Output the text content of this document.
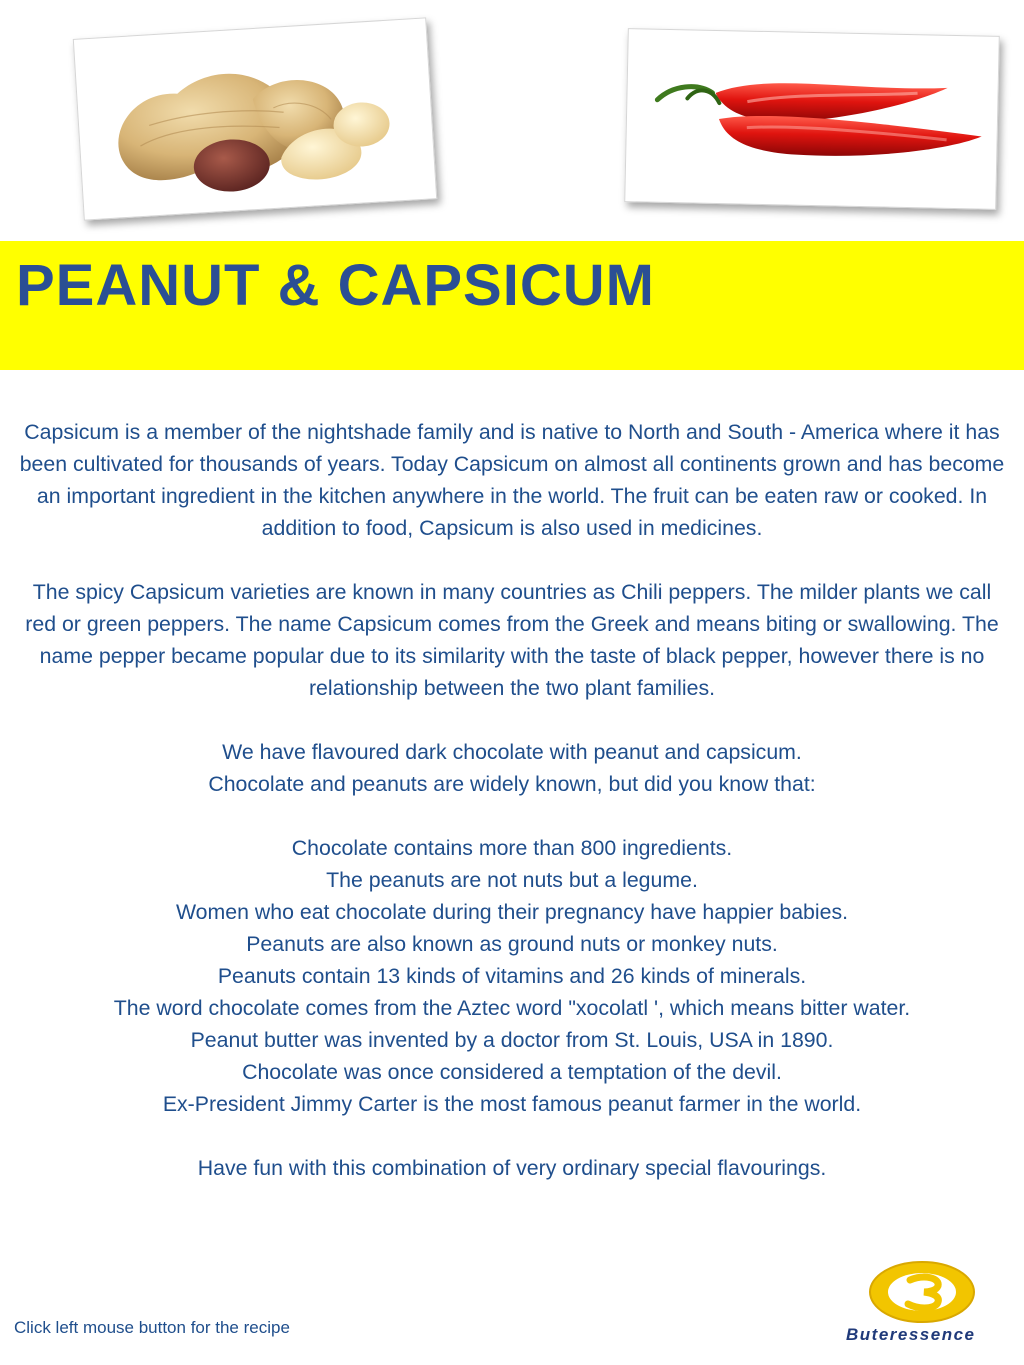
PEANUT & CAPSICUM

Capsicum is a member of the nightshade family and is native to North and South - America where it has been cultivated for thousands of years. Today Capsicum on almost all continents grown and has become an important ingredient in the kitchen anywhere in the world. The fruit can be eaten raw or cooked. In addition to food, Capsicum is also used in medicines.

The spicy Capsicum varieties are known in many countries as Chili peppers. The milder plants we call red or green peppers. The name Capsicum comes from the Greek and means biting or swallowing. The name pepper became popular due to its similarity with the taste of black pepper, however there is no relationship between the two plant families.

We have flavoured dark chocolate with peanut and capsicum.

Chocolate and peanuts are widely known, but did you know that:

Chocolate contains more than 800 ingredients.

The peanuts are not nuts but a legume.

Women who eat chocolate during their pregnancy have happier babies.

Peanuts are also known as ground nuts or monkey nuts.

Peanuts contain 13 kinds of vitamins and 26 kinds of minerals.

The word chocolate comes from the Aztec word "xocolatl ', which means bitter water.

Peanut butter was invented by a doctor from St. Louis, USA in 1890.

Chocolate was once considered a temptation of the devil.

Ex-President Jimmy Carter is the most famous peanut farmer in the world.

Have fun with this combination of very ordinary special flavourings.

Click left mouse button for the recipe	Buteressence
